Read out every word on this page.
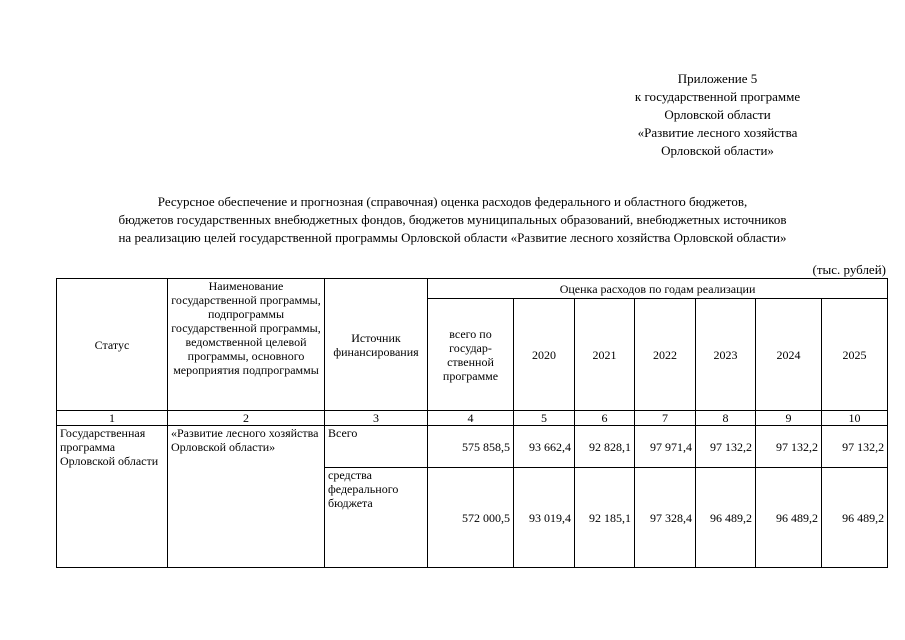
Приложение 5
к государственной программе
Орловской области
«Развитие лесного хозяйства
Орловской области»
Ресурсное обеспечение и прогнозная (справочная) оценка расходов федерального и областного бюджетов,
бюджетов государственных внебюджетных фондов, бюджетов муниципальных образований, внебюджетных источников
на реализацию целей государственной программы Орловской области «Развитие лесного хозяйства Орловской области»
(тыс. рублей)
Статус	Наименование государственной программы, подпрограммы государственной программы, ведомственной целевой программы, основного мероприятия подпрограммы	Источник финансирования	Оценка расходов по годам реализации						
			всего по государ-ственной программе	2020	2021	2022	2023	2024	2025
1	2	3	4	5	6	7	8	9	10
Государственная программа Орловской области	«Развитие лесного хозяйства Орловской области»	Всего	575 858,5	93 662,4	92 828,1	97 971,4	97 132,2	97 132,2	97 132,2
		средства федерального бюджета	572 000,5	93 019,4	92 185,1	97 328,4	96 489,2	96 489,2	96 489,2
